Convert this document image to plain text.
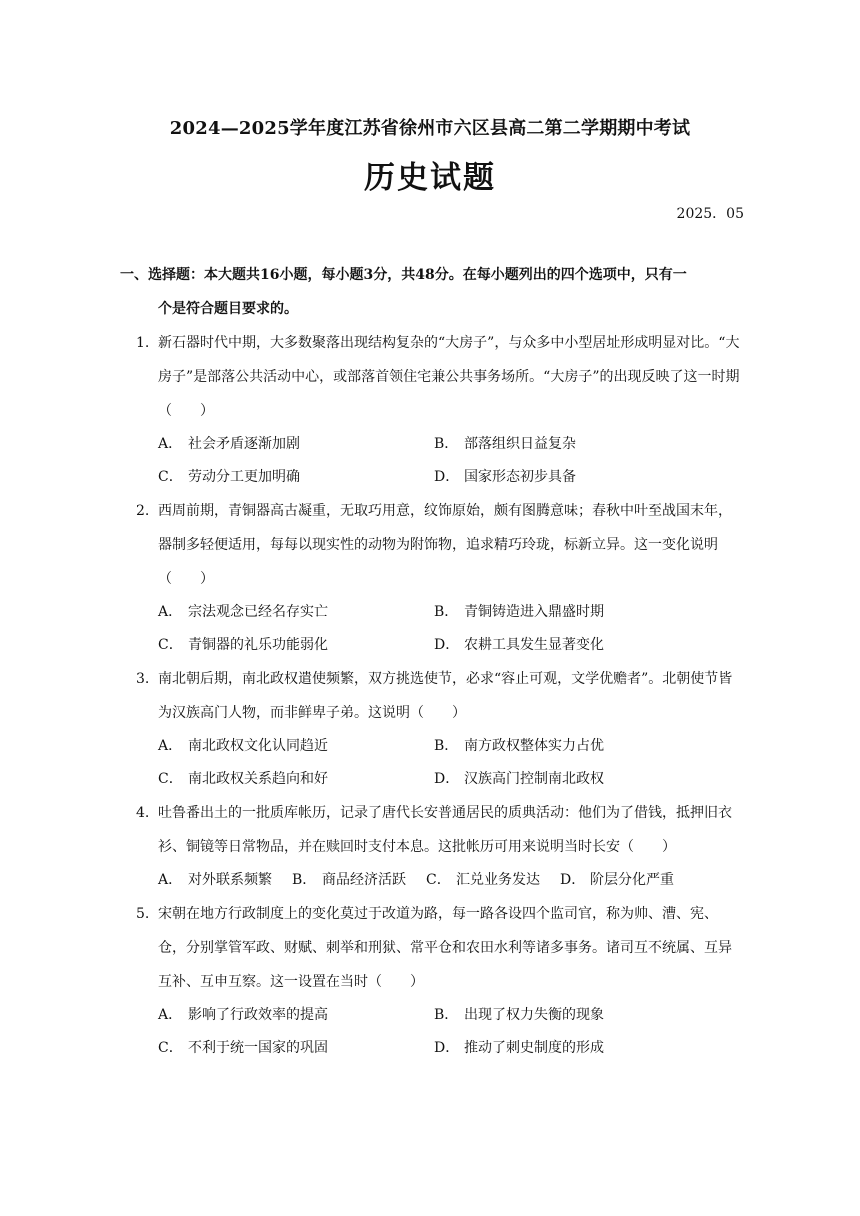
2024—2025学年度江苏省徐州市六区县高二第二学期期中考试
历史试题
2025．05
一、选择题：本大题共16小题，每小题3分，共48分。在每小题列出的四个选项中，只有一
个是符合题目要求的。
1. 新石器时代中期，大多数聚落出现结构复杂的“大房子”，与众多中小型居址形成明显对比。“大房子”是部落公共活动中心，或部落首领住宅兼公共事务场所。“大房子”的出现反映了这一时期（　　）
A． 社会矛盾逐渐加剧	B． 部落组织日益复杂
C． 劳动分工更加明确	D． 国家形态初步具备
2. 西周前期，青铜器高古凝重，无取巧用意，纹饰原始，颇有图腾意味；春秋中叶至战国末年，器制多轻便适用，每每以现实性的动物为附饰物，追求精巧玲珑，标新立异。这一变化说明（　　）
A． 宗法观念已经名存实亡	B． 青铜铸造进入鼎盛时期
C． 青铜器的礼乐功能弱化	D． 农耕工具发生显著变化
3. 南北朝后期，南北政权遣使频繁，双方挑选使节，必求“容止可观，文学优赡者”。北朝使节皆为汉族高门人物，而非鲜卑子弟。这说明（　　）
A． 南北政权文化认同趋近	B． 南方政权整体实力占优
C． 南北政权关系趋向和好	D． 汉族高门控制南北政权
4. 吐鲁番出土的一批质库帐历，记录了唐代长安普通居民的质典活动：他们为了借钱，抵押旧衣衫、铜镜等日常物品，并在赎回时支付本息。这批帐历可用来说明当时长安（　　）
A． 对外联系频繁 B． 商品经济活跃 C． 汇兑业务发达 D． 阶层分化严重
5. 宋朝在地方行政制度上的变化莫过于改道为路，每一路各设四个监司官，称为帅、漕、宪、仓，分别掌管军政、财赋、刺举和刑狱、常平仓和农田水利等诸多事务。诸司互不统属、互异互补、互申互察。这一设置在当时（　　）
A． 影响了行政效率的提高	B． 出现了权力失衡的现象
C． 不利于统一国家的巩固	D． 推动了刺史制度的形成
